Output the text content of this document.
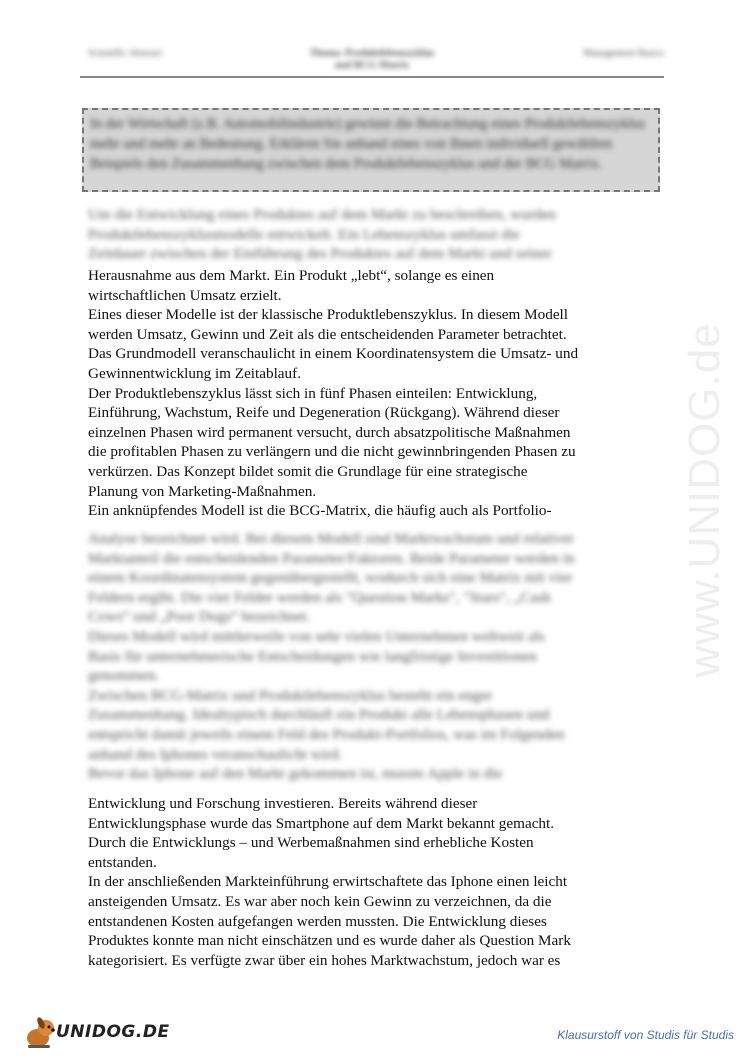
Scientific Abstract	Thema: Produktlebenszyklus
und BCG-Matrix
Management Basics
In der Wirtschaft (z.B. Automobilindustrie) gewinnt die Betrachtung eines Produktlebenszyklus mehr und mehr an Bedeutung. Erklären Sie anhand eines von Ihnen individuell gewählten Beispiels den Zusammenhang zwischen dem Produktlebenszyklus und der BCG Matrix.

Um die Entwicklung eines Produktes auf dem Markt zu beschreiben, wurden

Produktlebenszyklusmodelle entwickelt. Ein Lebenszyklus umfasst die

Zeitdauer zwischen der Einführung des Produktes auf dem Markt und seiner

Herausnahme aus dem Markt. Ein Produkt „lebt“, solange es einen

wirtschaftlichen Umsatz erzielt.

Eines dieser Modelle ist der klassische Produktlebenszyklus. In diesem Modell

werden Umsatz, Gewinn und Zeit als die entscheidenden Parameter betrachtet.

Das Grundmodell veranschaulicht in einem Koordinatensystem die Umsatz- und

Gewinnentwicklung im Zeitablauf.

Der Produktlebenszyklus lässt sich in fünf Phasen einteilen: Entwicklung,

Einführung, Wachstum, Reife und Degeneration (Rückgang). Während dieser

einzelnen Phasen wird permanent versucht, durch absatzpolitische Maßnahmen

die profitablen Phasen zu verlängern und die nicht gewinnbringenden Phasen zu

verkürzen. Das Konzept bildet somit die Grundlage für eine strategische

Planung von Marketing-Maßnahmen.

Ein anknüpfendes Modell ist die BCG-Matrix, die häufig auch als Portfolio-

Analyse bezeichnet wird. Bei diesem Modell sind Marktwachstum und relativer

Marktanteil die entscheidenden Parameter/Faktoren. Beide Parameter werden in

einem Koordinatensystem gegenübergestellt, wodurch sich eine Matrix mit vier

Feldern ergibt. Die vier Felder werden als "Question Marks", "Stars", „Cash

Cows“ und „Poor Dogs“ bezeichnet.

Dieses Modell wird mittlerweile von sehr vielen Unternehmen weltweit als

Basis für unternehmerische Entscheidungen wie langfristige Investitionen

genommen.

Zwischen BCG-Matrix und Produktlebenszyklus besteht ein enger

Zusammenhang. Idealtypisch durchläuft ein Produkt alle Lebensphasen und

entspricht damit jeweils einem Feld des Produkt-Portfolios, was im Folgenden

anhand des Iphones veranschaulicht wird.

Bevor das Iphone auf den Markt gekommen ist, musste Apple in die

Entwicklung und Forschung investieren. Bereits während dieser

Entwicklungsphase wurde das Smartphone auf dem Markt bekannt gemacht.

Durch die Entwicklungs – und Werbemaßnahmen sind erhebliche Kosten

entstanden.

In der anschließenden Markteinführung erwirtschaftete das Iphone einen leicht

ansteigenden Umsatz. Es war aber noch kein Gewinn zu verzeichnen, da die

entstandenen Kosten aufgefangen werden mussten. Die Entwicklung dieses

Produktes konnte man nicht einschätzen und es wurde daher als Question Mark

kategorisiert. Es verfügte zwar über ein hohes Marktwachstum, jedoch war es

www.UNIDOG.de
UNIDOG.DE	Klausurstoff von Studis für Studis
